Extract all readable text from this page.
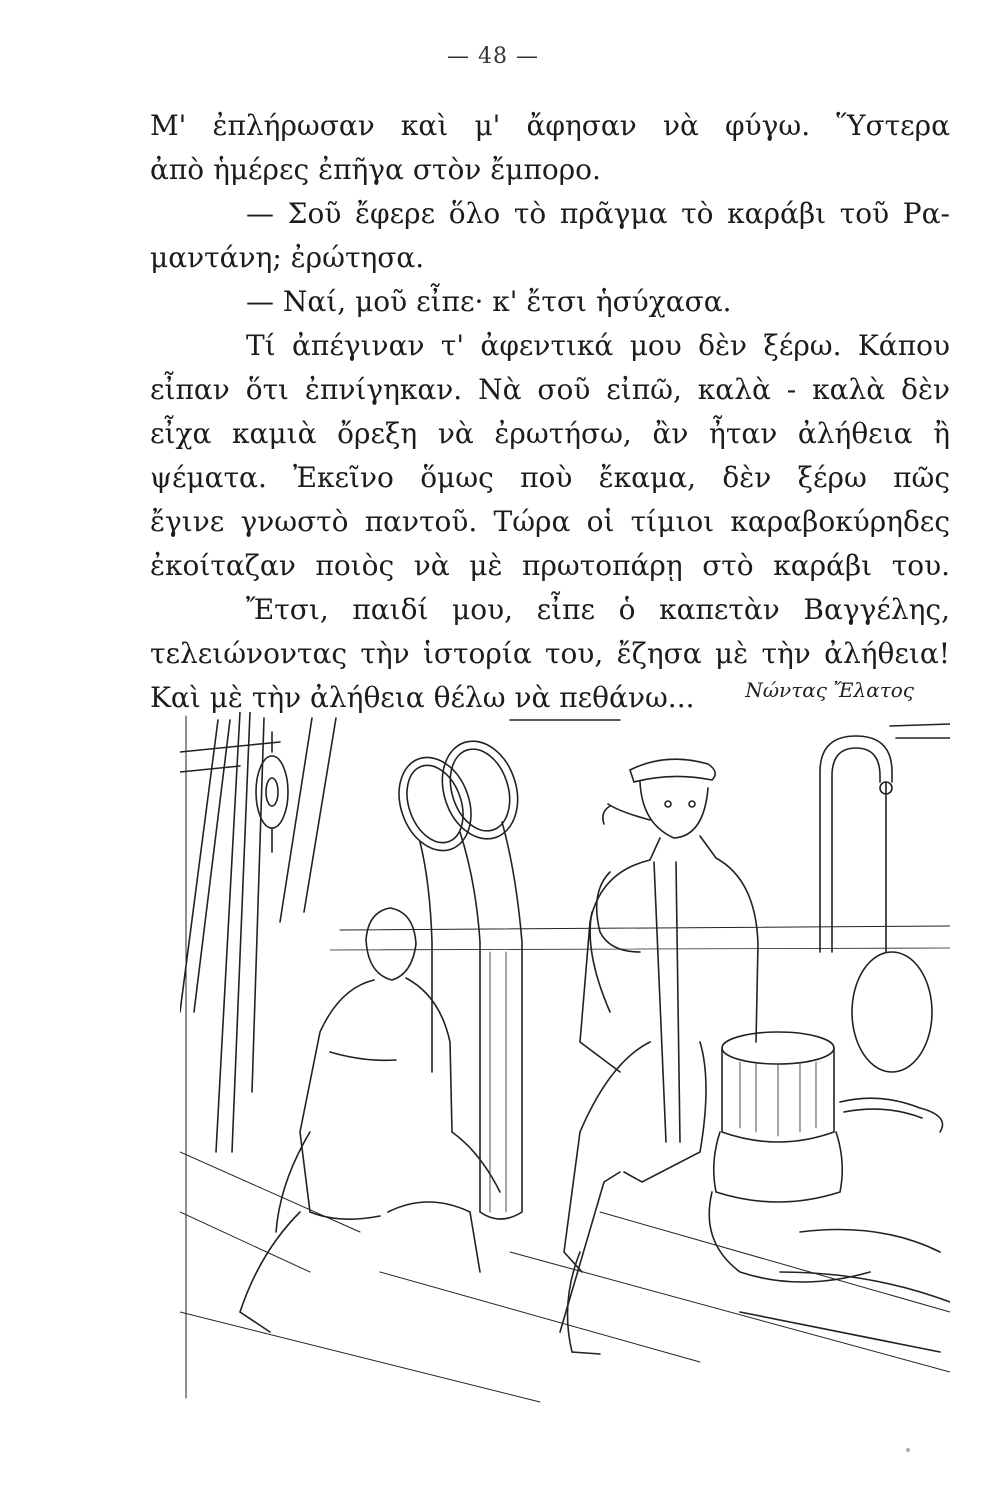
— 48 —
Μ' ἐπλήρωσαν καὶ μ' ἄφησαν νὰ φύγω. Ὕστερα
ἀπὸ ἡμέρες ἐπῆγα στὸν ἔμπορο.
— Σοῦ ἔφερε ὅλο τὸ πρᾶγμα τὸ καράβι τοῦ Ρα-
μαντάνη; ἐρώτησα.
— Ναί, μοῦ εἶπε· κ' ἔτσι ἡσύχασα.
Τί ἀπέγιναν τ' ἀφεντικά μου δὲν ξέρω. Κάπου
εἶπαν ὅτι ἐπνίγηκαν. Νὰ σοῦ εἰπῶ, καλὰ - καλὰ δὲν
εἶχα καμιὰ ὄρεξη νὰ ἐρωτήσω, ἂν ἦταν ἀλήθεια ἢ
ψέματα. Ἐκεῖνο ὅμως ποὺ ἔκαμα, δὲν ξέρω πῶς
ἔγινε γνωστὸ παντοῦ. Τώρα οἱ τίμιοι καραβοκύρηδες
ἐκοίταζαν ποιὸς νὰ μὲ πρωτοπάρῃ στὸ καράβι του.
Ἔτσι, παιδί μου, εἶπε ὁ καπετὰν Βαγγέλης,
τελειώνοντας τὴν ἱστορία του, ἔζησα μὲ τὴν ἀλήθεια!
Καὶ μὲ τὴν ἀλήθεια θέλω νὰ πεθάνω...	Νώντας Ἔλατος
